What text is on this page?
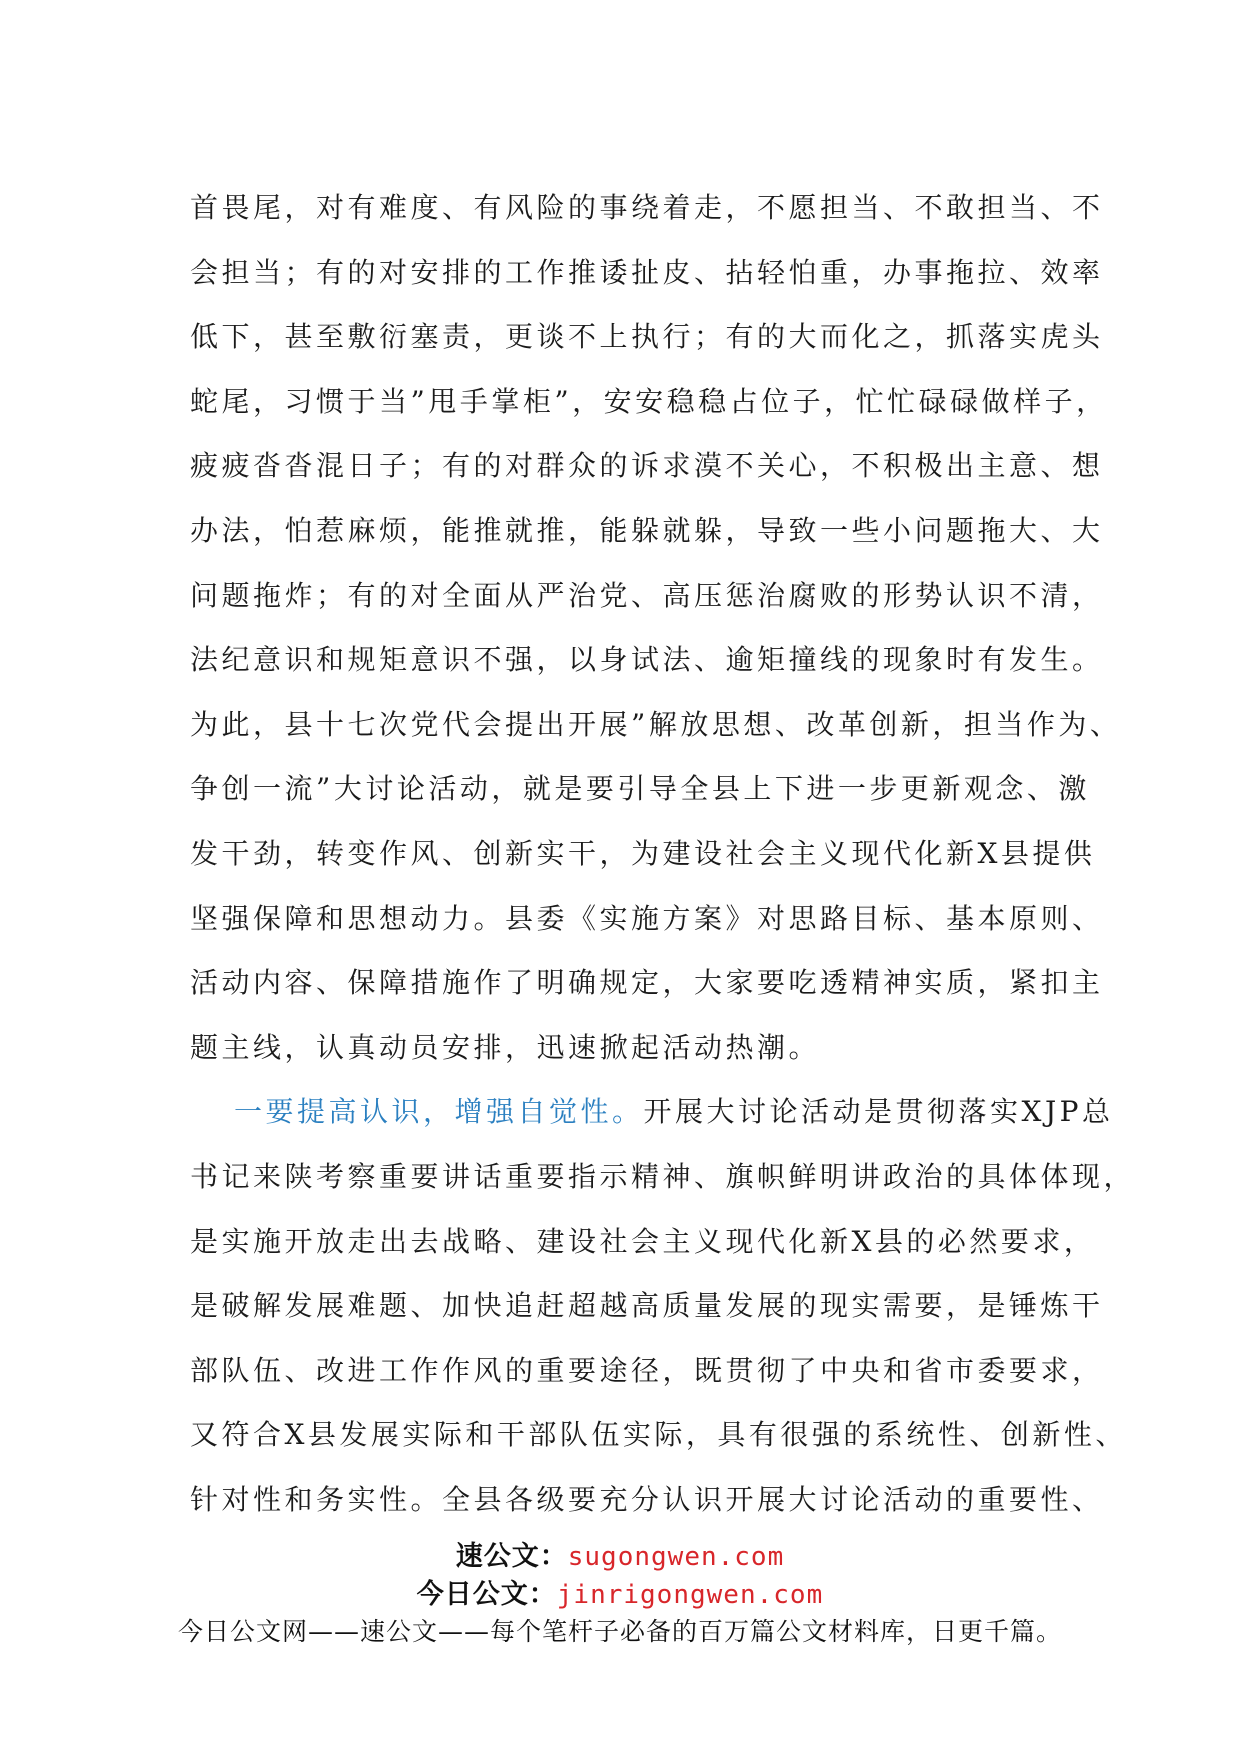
首畏尾，对有难度、有风险的事绕着走，不愿担当、不敢担当、不
会担当；有的对安排的工作推诿扯皮、拈轻怕重，办事拖拉、效率
低下，甚至敷衍塞责，更谈不上执行；有的大而化之，抓落实虎头
蛇尾，习惯于当”甩手掌柜”，安安稳稳占位子，忙忙碌碌做样子，
疲疲沓沓混日子；有的对群众的诉求漠不关心，不积极出主意、想
办法，怕惹麻烦，能推就推，能躲就躲，导致一些小问题拖大、大
问题拖炸；有的对全面从严治党、高压惩治腐败的形势认识不清，
法纪意识和规矩意识不强，以身试法、逾矩撞线的现象时有发生。
为此，县十七次党代会提出开展”解放思想、改革创新，担当作为、
争创一流”大讨论活动，就是要引导全县上下进一步更新观念、激
发干劲，转变作风、创新实干，为建设社会主义现代化新X县提供
坚强保障和思想动力。县委《实施方案》对思路目标、基本原则、
活动内容、保障措施作了明确规定，大家要吃透精神实质，紧扣主
题主线，认真动员安排，迅速掀起活动热潮。
一要提高认识，增强自觉性。开展大讨论活动是贯彻落实XJP总
书记来陕考察重要讲话重要指示精神、旗帜鲜明讲政治的具体体现，
是实施开放走出去战略、建设社会主义现代化新X县的必然要求，
是破解发展难题、加快追赶超越高质量发展的现实需要，是锤炼干
部队伍、改进工作作风的重要途径，既贯彻了中央和省市委要求，
又符合X县发展实际和干部队伍实际，具有很强的系统性、创新性、
针对性和务实性。全县各级要充分认识开展大讨论活动的重要性、
速公文：sugongwen.com
今日公文：jinrigongwen.com
今日公文网——速公文——每个笔杆子必备的百万篇公文材料库，日更千篇。
